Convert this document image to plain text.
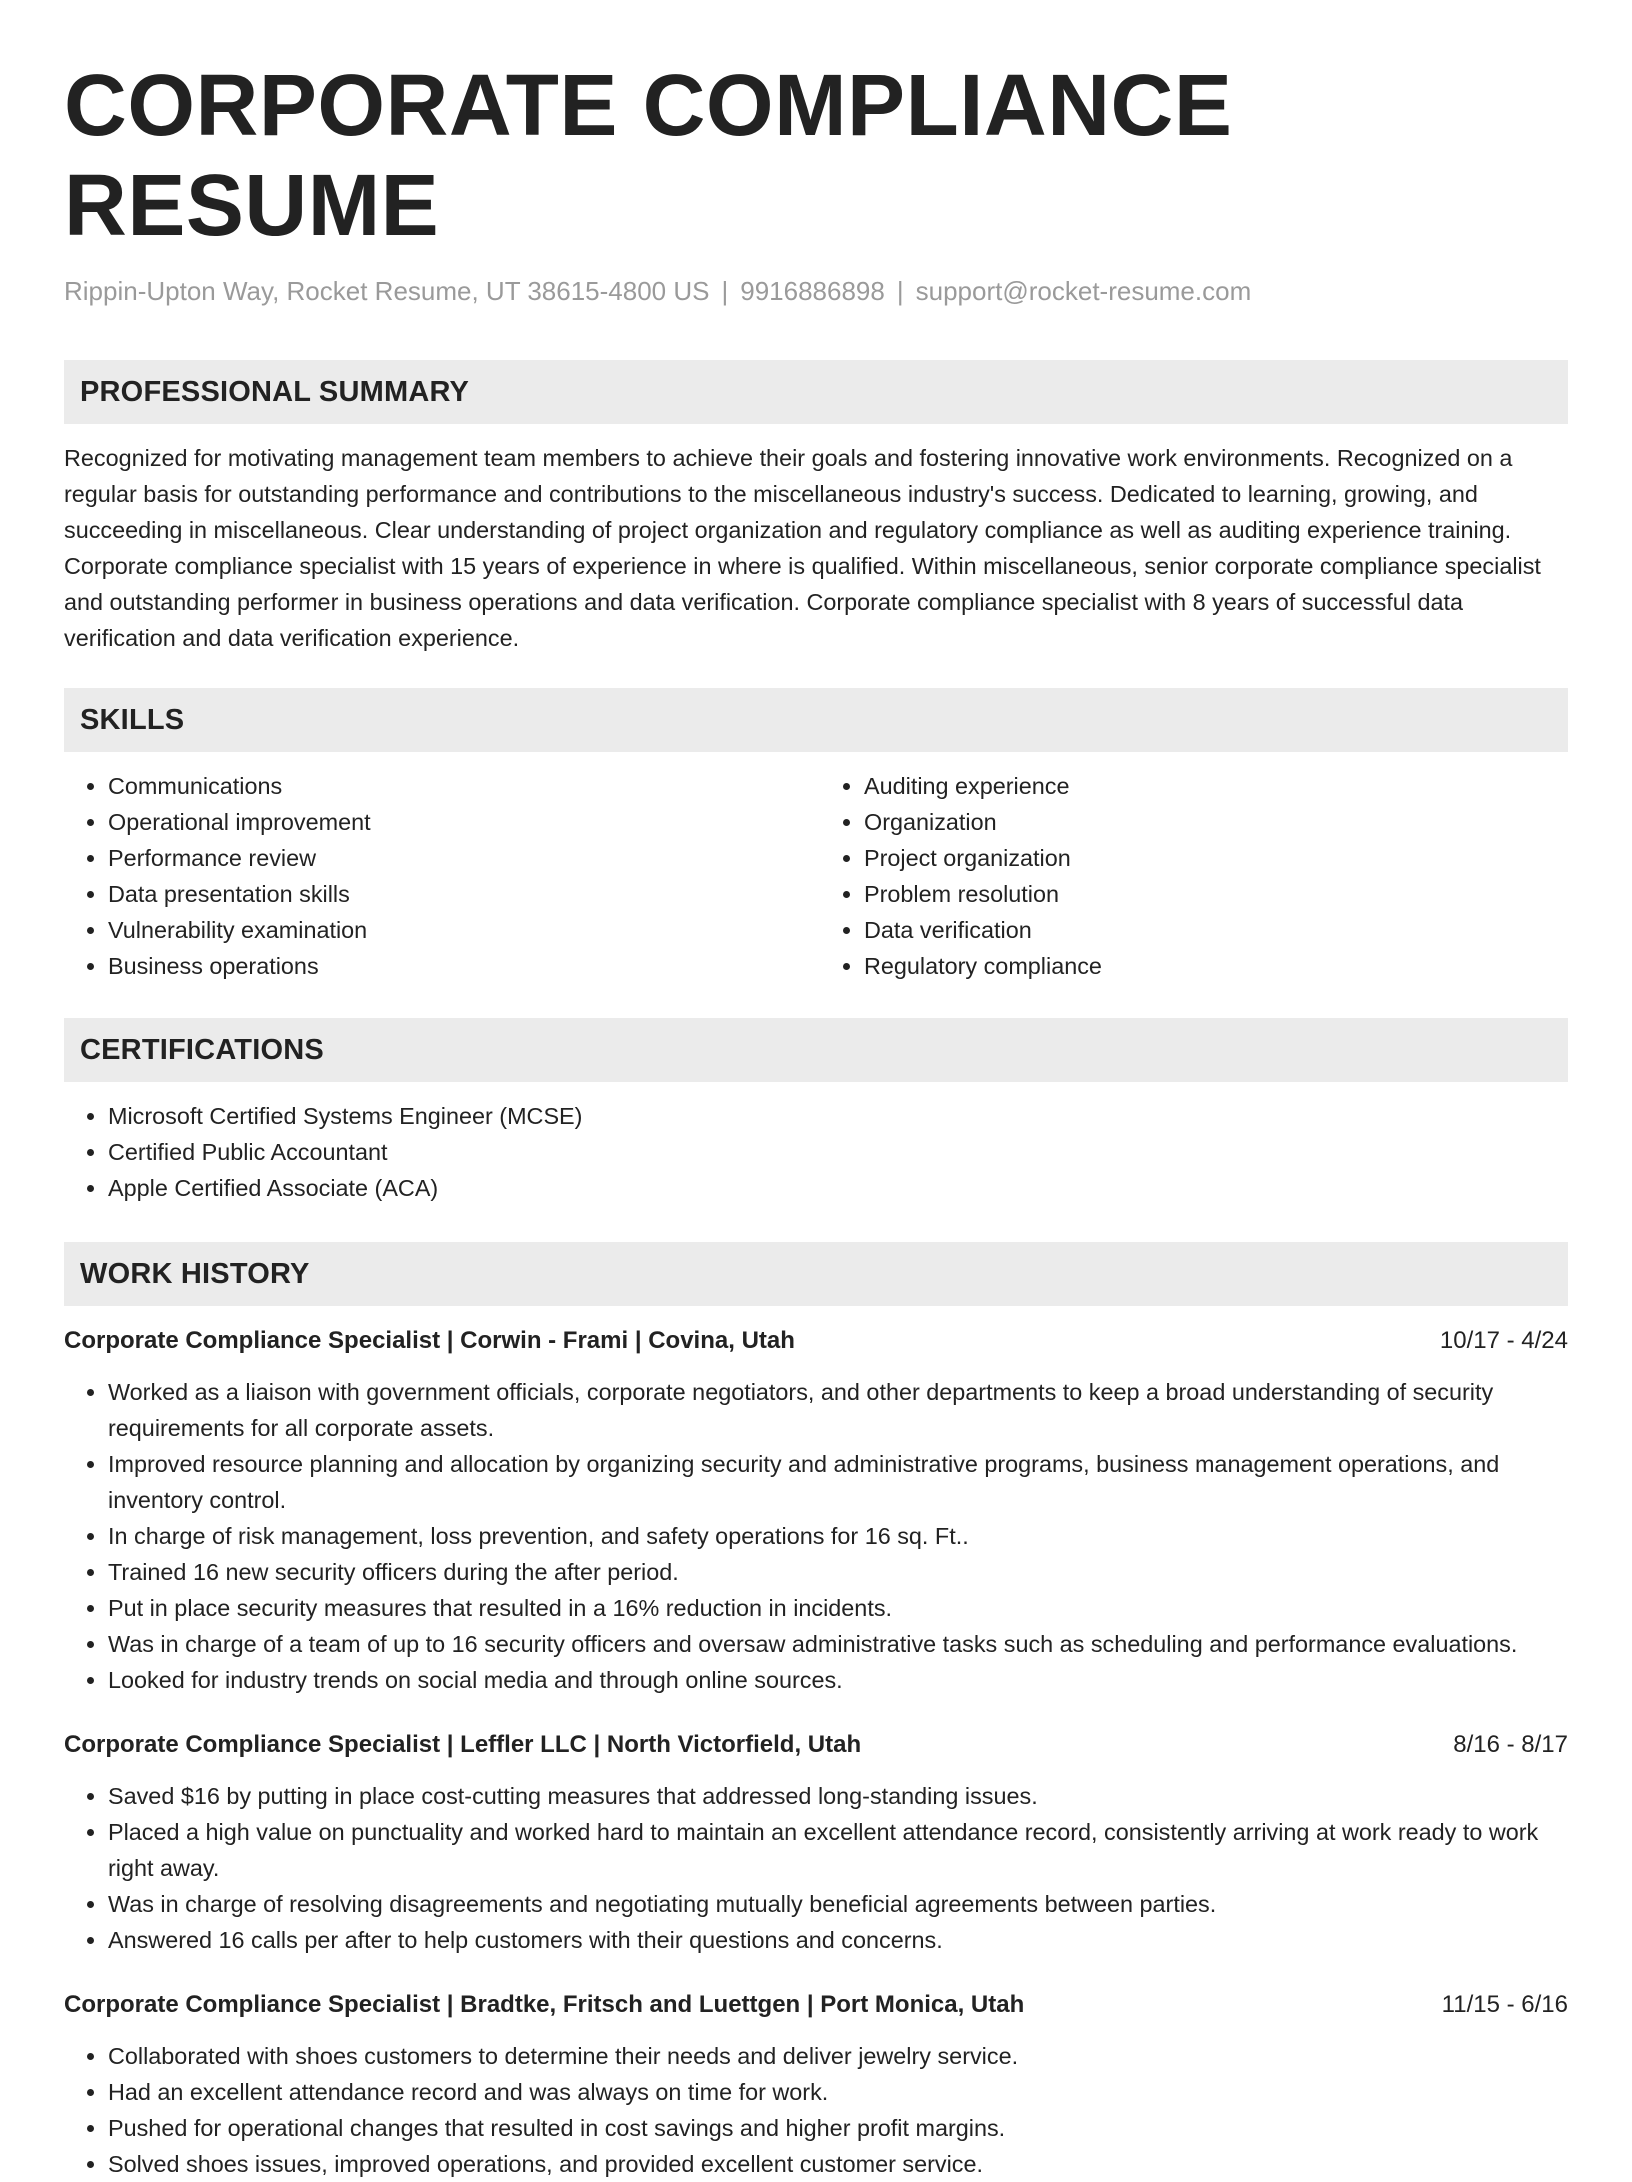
CORPORATE COMPLIANCE RESUME
Rippin-Upton Way, Rocket Resume, UT 38615-4800 US | 9916886898 | support@rocket-resume.com
PROFESSIONAL SUMMARY

Recognized for motivating management team members to achieve their goals and fostering innovative work environments. Recognized on a regular basis for outstanding performance and contributions to the miscellaneous industry's success. Dedicated to learning, growing, and succeeding in miscellaneous. Clear understanding of project organization and regulatory compliance as well as auditing experience training. Corporate compliance specialist with 15 years of experience in where is qualified. Within miscellaneous, senior corporate compliance specialist and outstanding performer in business operations and data verification. Corporate compliance specialist with 8 years of successful data verification and data verification experience.

SKILLS
• Communications
• Operational improvement
• Performance review
• Data presentation skills
• Vulnerability examination
• Business operations
• Auditing experience
• Organization
• Project organization
• Problem resolution
• Data verification
• Regulatory compliance
CERTIFICATIONS
• Microsoft Certified Systems Engineer (MCSE)
• Certified Public Accountant
• Apple Certified Associate (ACA)
WORK HISTORY
Corporate Compliance Specialist | Corwin - Frami | Covina, Utah	10/17 - 4/24
• Worked as a liaison with government officials, corporate negotiators, and other departments to keep a broad understanding of security requirements for all corporate assets.
• Improved resource planning and allocation by organizing security and administrative programs, business management operations, and inventory control.
• In charge of risk management, loss prevention, and safety operations for 16 sq. Ft..
• Trained 16 new security officers during the after period.
• Put in place security measures that resulted in a 16% reduction in incidents.
• Was in charge of a team of up to 16 security officers and oversaw administrative tasks such as scheduling and performance evaluations.
• Looked for industry trends on social media and through online sources.
Corporate Compliance Specialist | Leffler LLC | North Victorfield, Utah	8/16 - 8/17
• Saved $16 by putting in place cost-cutting measures that addressed long-standing issues.
• Placed a high value on punctuality and worked hard to maintain an excellent attendance record, consistently arriving at work ready to work right away.
• Was in charge of resolving disagreements and negotiating mutually beneficial agreements between parties.
• Answered 16 calls per after to help customers with their questions and concerns.
Corporate Compliance Specialist | Bradtke, Fritsch and Luettgen | Port Monica, Utah	11/15 - 6/16
• Collaborated with shoes customers to determine their needs and deliver jewelry service.
• Had an excellent attendance record and was always on time for work.
• Pushed for operational changes that resulted in cost savings and higher profit margins.
• Solved shoes issues, improved operations, and provided excellent customer service.
